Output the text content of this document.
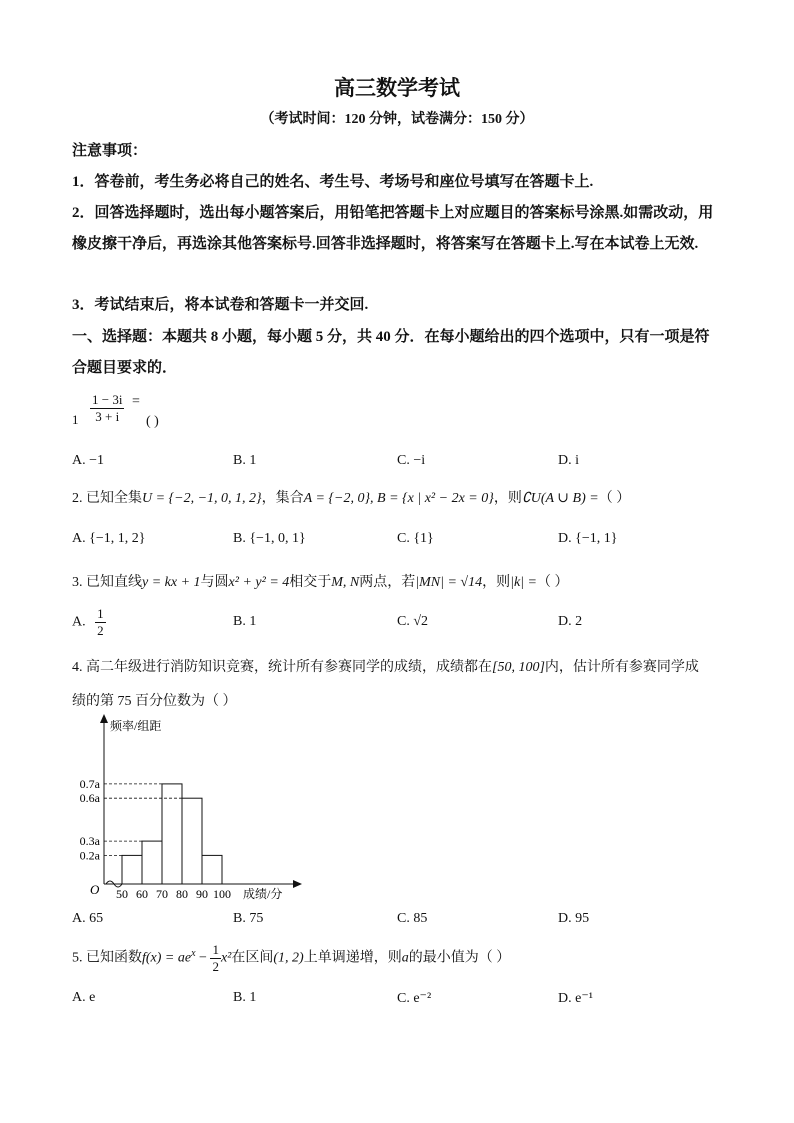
高三数学考试
（考试时间：120 分钟，试卷满分：150 分）
注意事项：
1．答卷前，考生务必将自己的姓名、考生号、考场号和座位号填写在答题卡上.
2．回答选择题时，选出每小题答案后，用铅笔把答题卡上对应题目的答案标号涂黑.如需改动，用橡皮擦干净后，再选涂其他答案标号.回答非选择题时，将答案写在答题卡上.写在本试卷上无效.
3．考试结束后，将本试卷和答题卡一并交回.
一、选择题：本题共 8 小题，每小题 5 分，共 40 分．在每小题给出的四个选项中，只有一项是符合题目要求的．
$1 \frac{1 - 3i}{3 + i}$ =
( )
A. −1	B. 1	C. −i	D. i
2. 已知全集U = {−2, −1, 0, 1, 2}，集合A = {−2, 0}, B = {x | x² − 2x = 0}，则∁U(A ∪ B) =（ ）
A. {−1, 1, 2}	B. {−1, 0, 1}	C. {1}	D. {−1, 1}
3. 已知直线y = kx + 1与圆x² + y² = 4相交于M, N两点，若|MN| = √14，则|k| =（ ）
A. $\frac{1}{2}$	B. 1	C. √2	D. 2
4. 高二年级进行消防知识竞赛，统计所有参赛同学的成绩，成绩都在[50, 100]内，估计所有参赛同学成
绩的第 75 百分位数为（ ）
0.7a
0.6a
0.3a
0.2a
50 60 70 80 90 100 成绩/分
频率/组距
O
A. 65	B. 75	C. 85	D. 95
5. 已知函数$f(x) = ae^x - \frac{1}{2} x^2$在区间(1, 2)上单调递增，则a的最小值为（ ）
A. e	B. 1	C. e⁻²	D. e⁻¹
